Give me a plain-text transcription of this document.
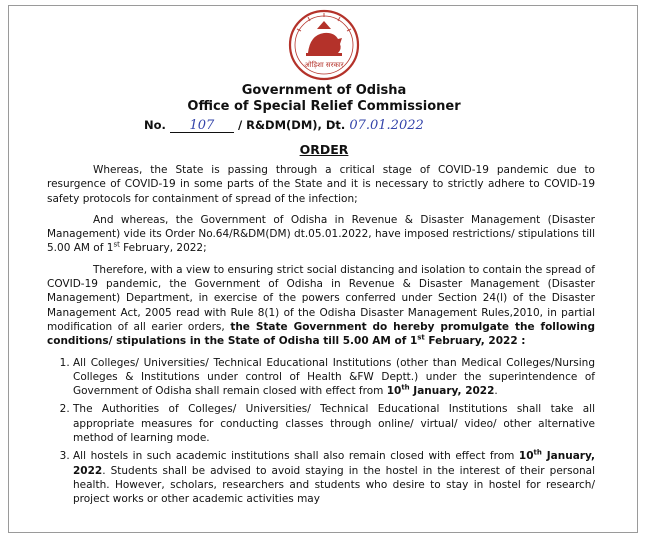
ओड़िशा सरकार
Government of Odisha
Office of Special Relief Commissioner
No. 107 / R&DM(DM), Dt. 07.01.2022
ORDER

Whereas, the State is passing through a critical stage of COVID-19 pandemic due to resurgence of COVID-19 in some parts of the State and it is necessary to strictly adhere to COVID-19 safety protocols for containment of spread of the infection;

And whereas, the Government of Odisha in Revenue & Disaster Management (Disaster Management) vide its Order No.64/R&DM(DM) dt.05.01.2022, have imposed restrictions/ stipulations till 5.00 AM of 1st February, 2022;

Therefore, with a view to ensuring strict social distancing and isolation to contain the spread of COVID-19 pandemic, the Government of Odisha in Revenue & Disaster Management (Disaster Management) Department, in exercise of the powers conferred under Section 24(l) of the Disaster Management Act, 2005 read with Rule 8(1) of the Odisha Disaster Management Rules,2010, in partial modification of all earier orders, the State Government do hereby promulgate the following conditions/ stipulations in the State of Odisha till 5.00 AM of 1st February, 2022 :

1. All Colleges/ Universities/ Technical Educational Institutions (other than Medical Colleges/Nursing Colleges & Institutions under control of Health &FW Deptt.) under the superintendence of Government of Odisha shall remain closed with effect from 10th January, 2022.
2. The Authorities of Colleges/ Universities/ Technical Educational Institutions shall take all appropriate measures for conducting classes through online/ virtual/ video/ other alternative method of learning mode.
3. All hostels in such academic institutions shall also remain closed with effect from 10th January, 2022. Students shall be advised to avoid staying in the hostel in the interest of their personal health. However, scholars, researchers and students who desire to stay in hostel for research/ project works or other academic activities may
